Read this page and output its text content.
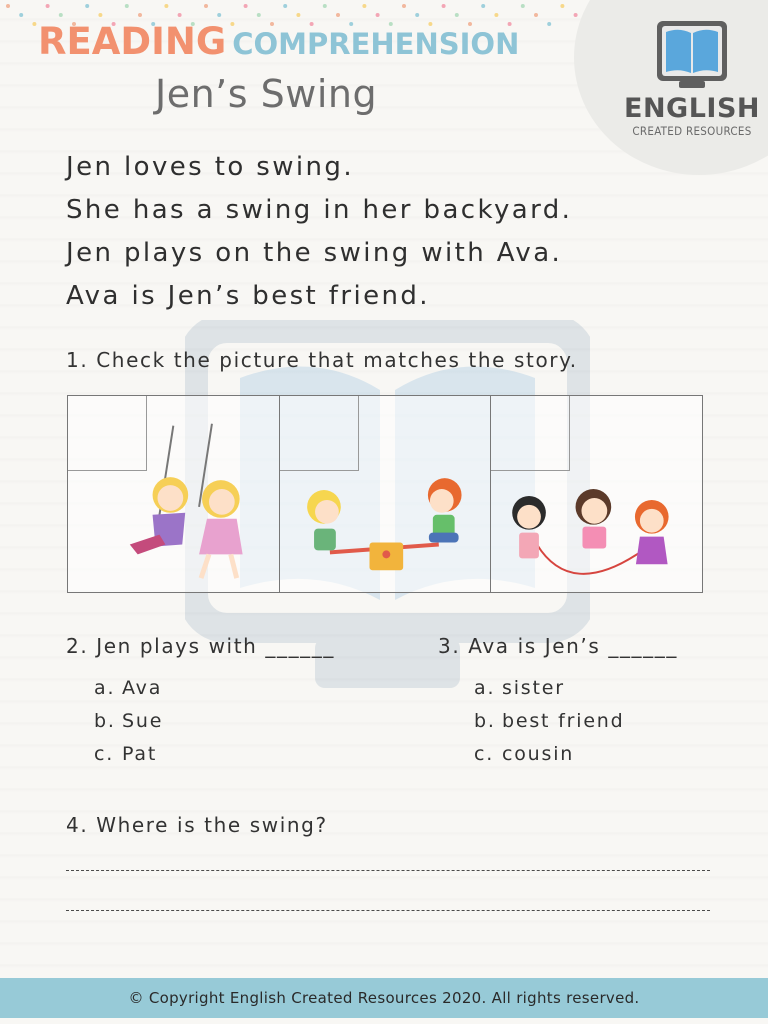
ENGLISH
CREATED RESOURCES
READING COMPREHENSION
Jen’s Swing
Jen loves to swing.
She has a swing in her backyard.
Jen plays on the swing with Ava.
Ava is Jen’s best friend.
1. Check the picture that matches the story.
2. Jen plays with ______
a. Ava
b. Sue
c. Pat
3. Ava is Jen’s ______
a. sister
b. best friend
c. cousin
4. Where is the swing?
© Copyright English Created Resources 2020. All rights reserved.
